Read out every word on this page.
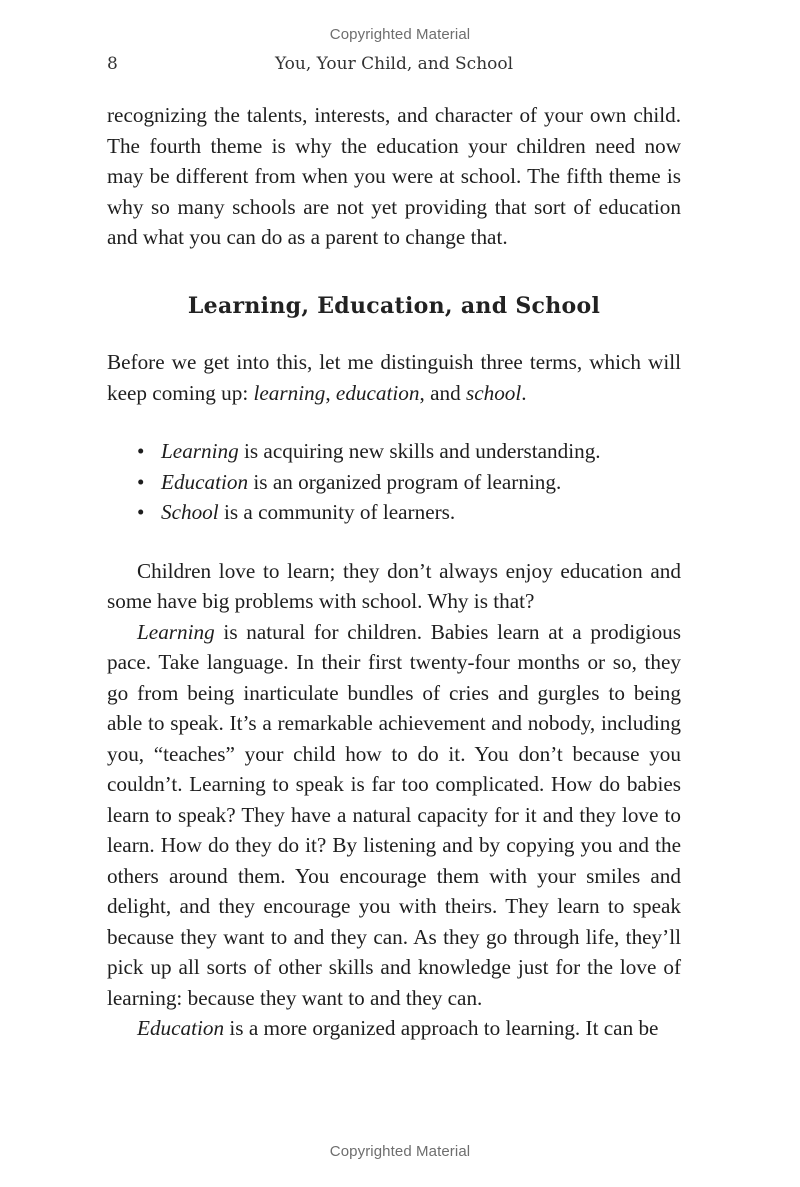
Copyrighted Material
8	You, Your Child, and School

recognizing the talents, interests, and character of your own child. The fourth theme is why the education your children need now may be different from when you were at school. The fifth theme is why so many schools are not yet providing that sort of education and what you can do as a parent to change that.

Learning, Education, and School

Before we get into this, let me distinguish three terms, which will keep coming up: learning, education, and school.

• Learning is acquiring new skills and understanding.
• Education is an organized program of learning.
• School is a community of learners.

Children love to learn; they don’t always enjoy education and some have big problems with school. Why is that?

Learning is natural for children. Babies learn at a prodigious pace. Take language. In their first twenty-four months or so, they go from being inarticulate bundles of cries and gurgles to being able to speak. It’s a remarkable achievement and nobody, including you, “teaches” your child how to do it. You don’t because you couldn’t. Learning to speak is far too complicated. How do babies learn to speak? They have a natural capacity for it and they love to learn. How do they do it? By listening and by copying you and the others around them. You encourage them with your smiles and delight, and they encourage you with theirs. They learn to speak because they want to and they can. As they go through life, they’ll pick up all sorts of other skills and knowledge just for the love of learning: because they want to and they can.

Education is a more organized approach to learning. It can be

Copyrighted Material
